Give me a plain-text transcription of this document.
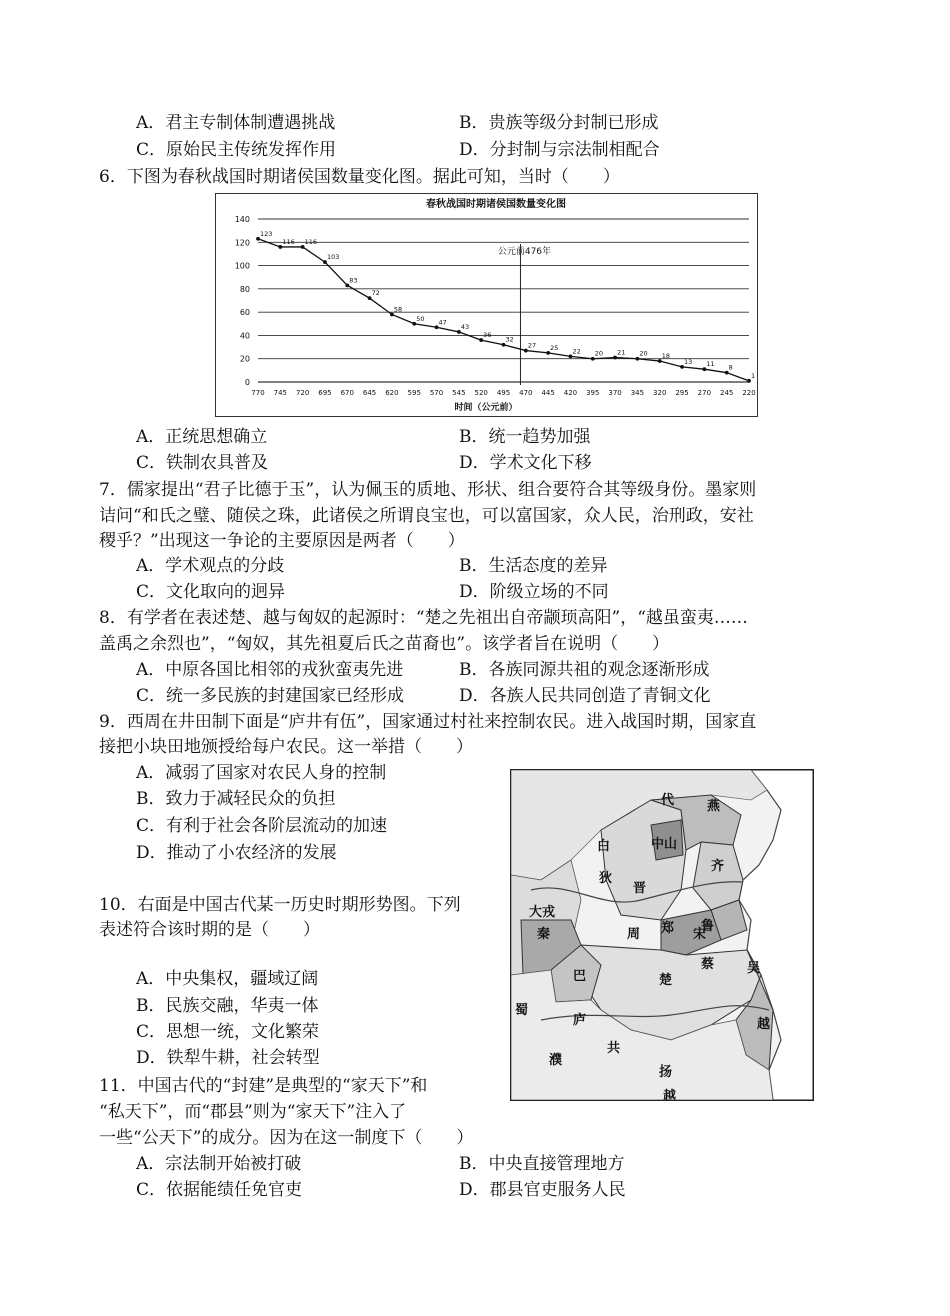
A．君主专制体制遭遇挑战	B．贵族等级分封制已形成
C．原始民主传统发挥作用	D．分封制与宗法制相配合
6．下图为春秋战国时期诸侯国数量变化图。据此可知，当时（　　）
春秋战国时期诸侯国数量变化图
0
20
40
60
80
100
120
140
770 745 720 695 670 645 620 595 570 545 520 495 470 445 420 395 370 345 320 295 270 245 220
公元前476年
123
116 116
103
83
72
58
50 47
43
36
32
27 25 22 20 21 20 18
13 11 8
1
时间（公元前）
A．正统思想确立	B．统一趋势加强
C．铁制农具普及	D．学术文化下移
7．儒家提出“君子比德于玉”，认为佩玉的质地、形状、组合要符合其等级身份。墨家则
诘问“和氏之璧、随侯之珠，此诸侯之所谓良宝也，可以富国家，众人民，治刑政，安社
稷乎？”出现这一争论的主要原因是两者（　　）
A．学术观点的分歧	B．生活态度的差异
C．文化取向的迥异	D．阶级立场的不同
8．有学者在表述楚、越与匈奴的起源时：“楚之先祖出自帝颛顼高阳”，“越虽蛮夷……
盖禹之余烈也”，“匈奴，其先祖夏后氏之苗裔也”。该学者旨在说明（　　）
A．中原各国比相邻的戎狄蛮夷先进	B．各族同源共祖的观念逐渐形成
C．统一多民族的封建国家已经形成	D．各族人民共同创造了青铜文化
9．西周在井田制下面是“庐井有伍”，国家通过村社来控制农民。进入战国时期，国家直
接把小块田地颁授给每户农民。这一举措（　　）
A．减弱了国家对农民人身的控制
B．致力于减轻民众的负担
C．有利于社会各阶层流动的加速
D．推动了小农经济的发展
10．右面是中国古代某一历史时期形势图。下列
表述符合该时期的是（　　）
A．中央集权，疆域辽阔
B．民族交融，华夷一体
C．思想一统，文化繁荣
D．铁犁牛耕，社会转型
代	燕
中山
白
狄
晋
齐
鲁
大戎
秦	周 郑 宋
蔡
巴	楚
吴
越
蜀
庐
濮
扬
共
越
11．中国古代的“封建”是典型的“家天下”和
“私天下”，而“郡县”则为“家天下”注入了
一些“公天下”的成分。因为在这一制度下（　　）
A．宗法制开始被打破	B．中央直接管理地方
C．依据能绩任免官吏	D．郡县官吏服务人民
